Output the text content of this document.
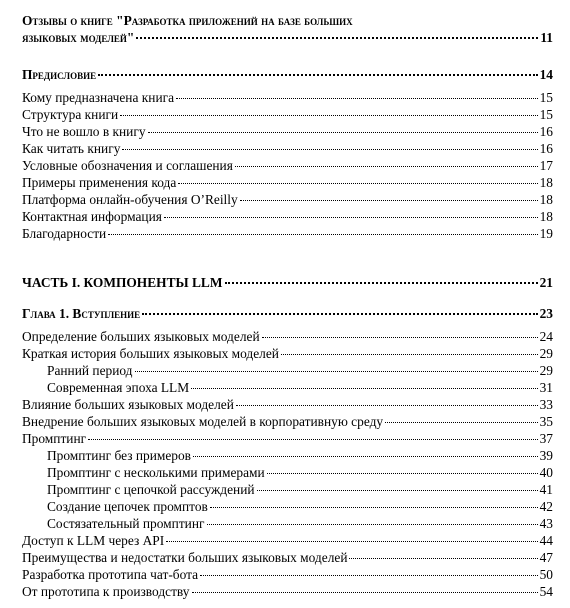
Отзывы о книге "Разработка приложений на базе больших
языковых моделей"	11
Предисловие	14
Кому предназначена книга	15
Структура книги	15
Что не вошло в книгу	16
Как читать книгу	16
Условные обозначения и соглашения	17
Примеры применения кода	18
Платформа онлайн-обучения O’Reilly	18
Контактная информация	18
Благодарности	19
ЧАСТЬ I. КОМПОНЕНТЫ LLM	21
Глава 1. Вступление	23
Определение больших языковых моделей	24
Краткая история больших языковых моделей	29
Ранний период	29
Современная эпоха LLM	31
Влияние больших языковых моделей	33
Внедрение больших языковых моделей в корпоративную среду	35
Промптинг	37
Промптинг без примеров	39
Промптинг с несколькими примерами	40
Промптинг с цепочкой рассуждений	41
Создание цепочек промптов	42
Состязательный промптинг	43
Доступ к LLM через API	44
Преимущества и недостатки больших языковых моделей	47
Разработка прототипа чат-бота	50
От прототипа к производству	54
